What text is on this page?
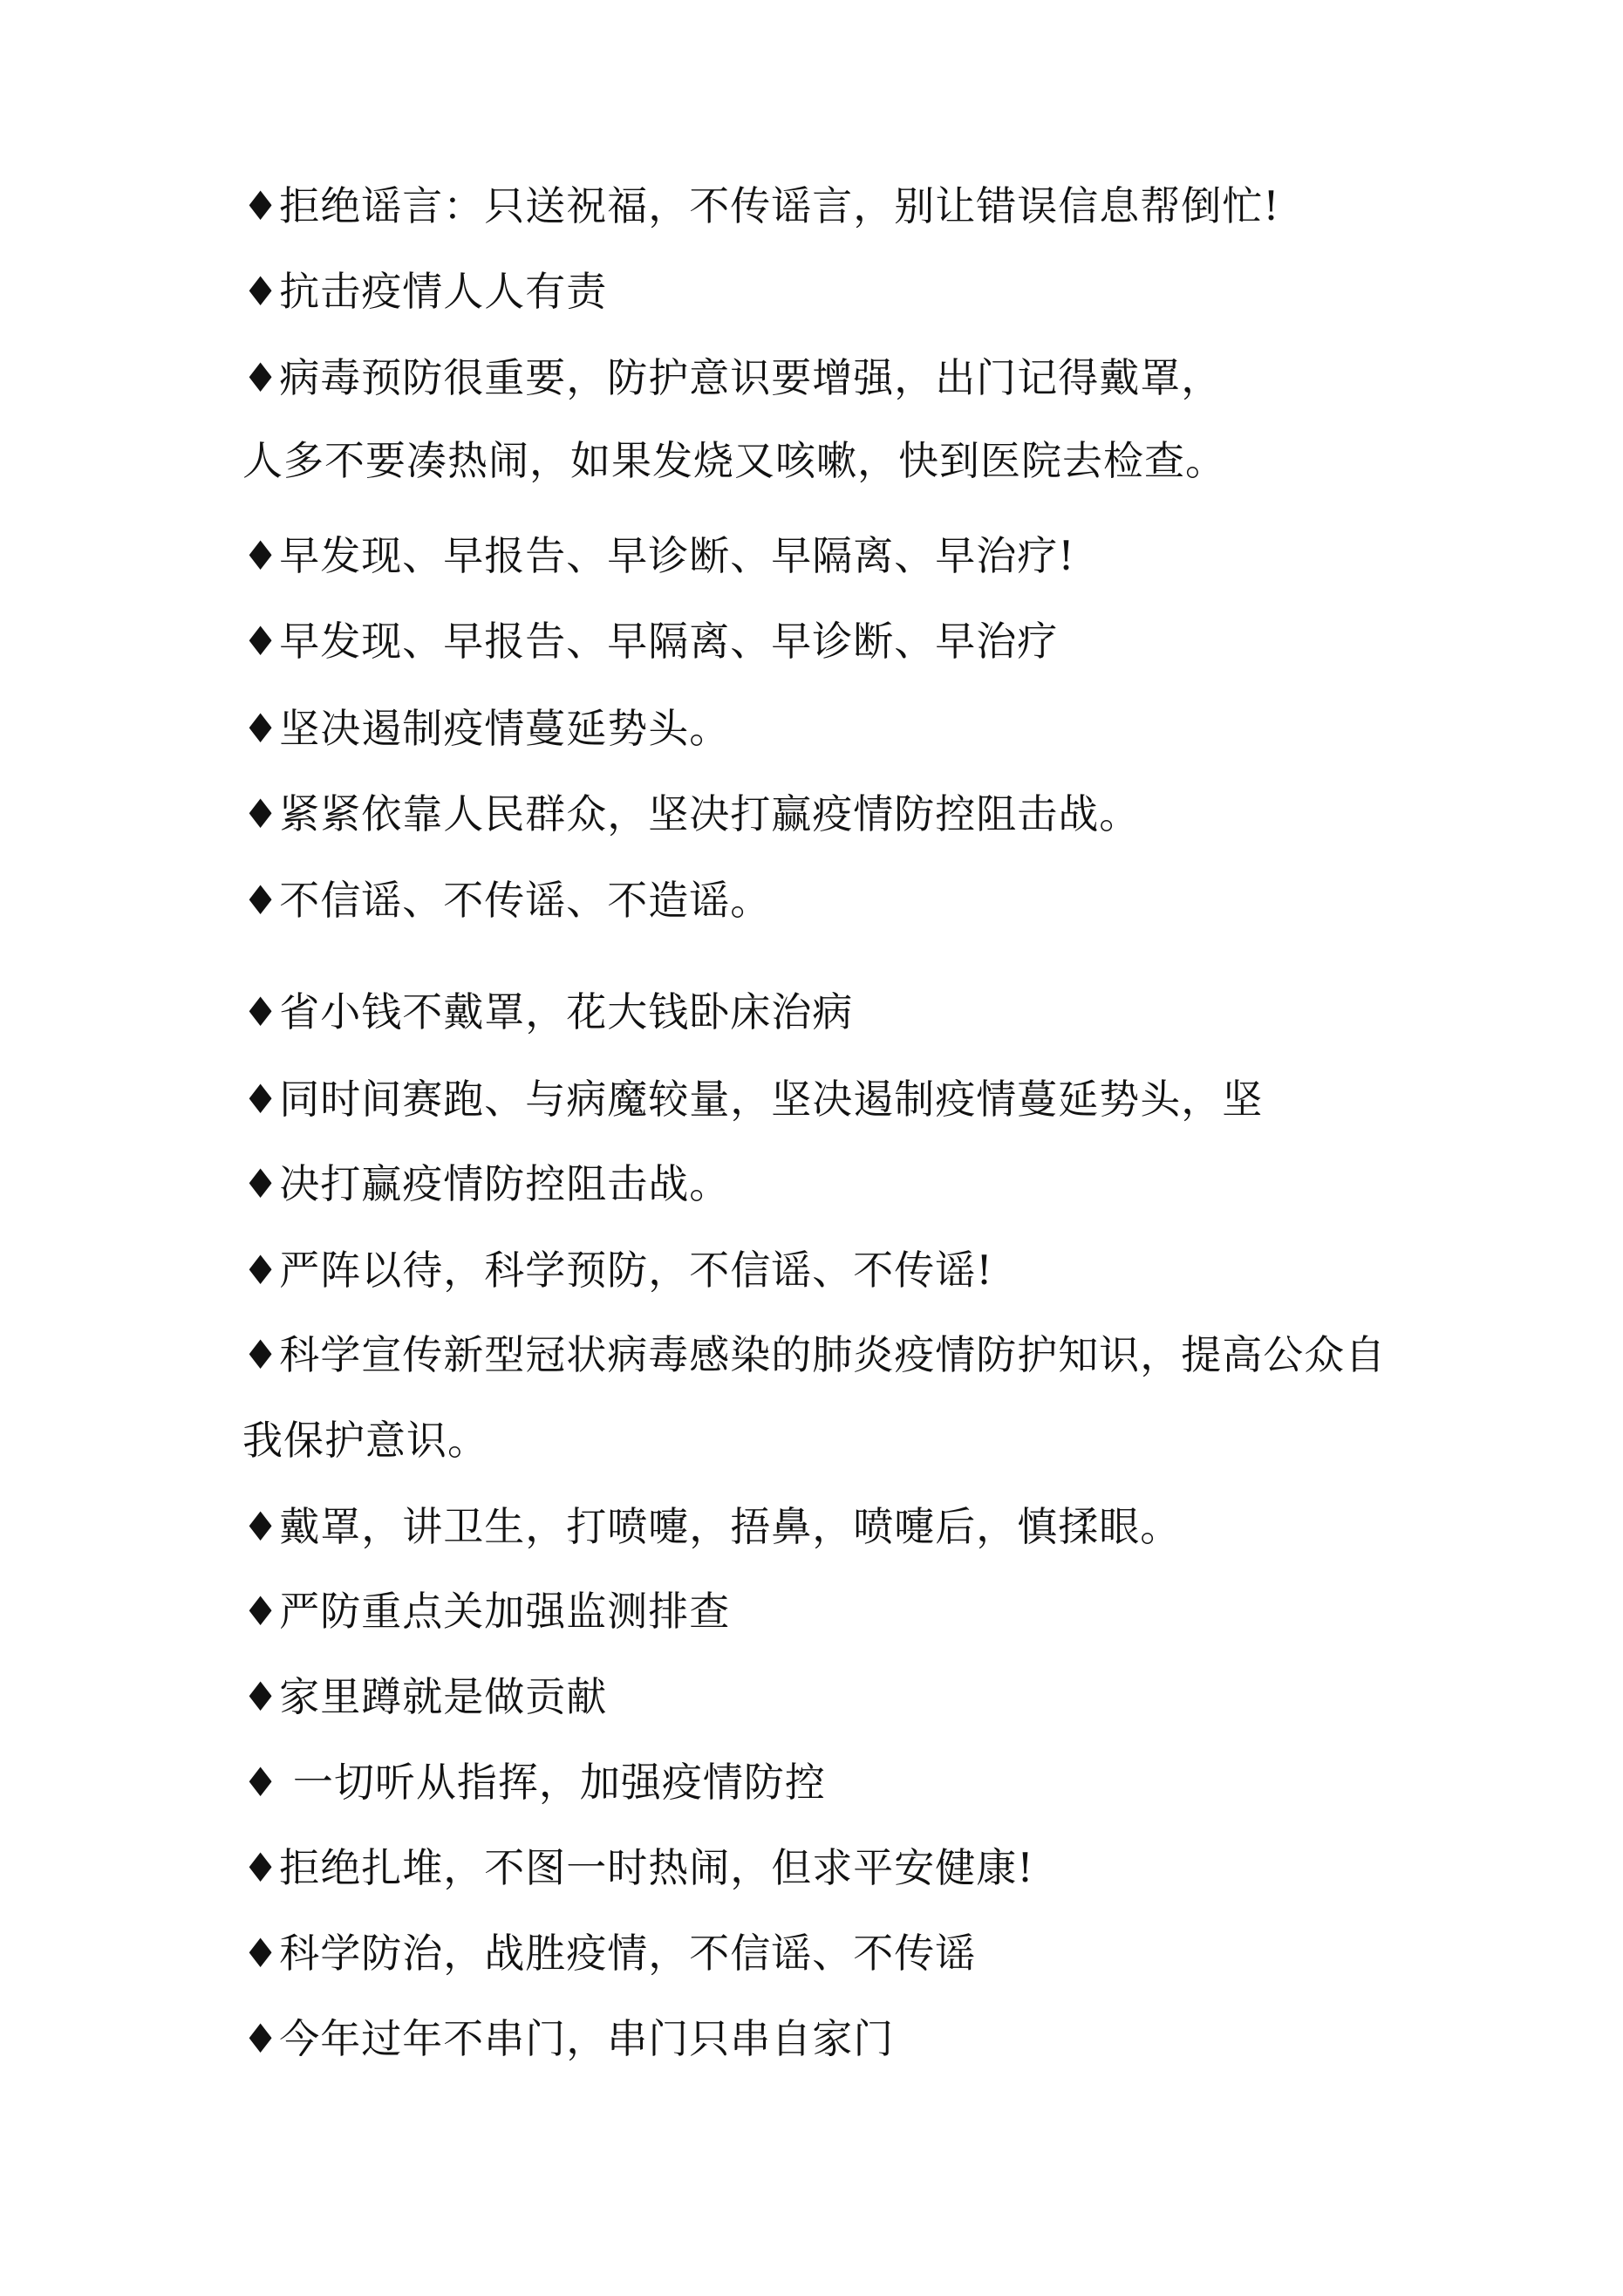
♦拒绝谣言：只送祝福，不传谣言，别让错误信息帮倒忙!

♦抗击疫情人人有责

♦病毒预防很重要，防护意识要增强，出门记得戴罩，

人多不要凑热闹，如果发烧又咳嗽，快到医院去检查。

♦早发现、早报告、早诊断、早隔离、早治疗!

♦早发现、早报告、早隔离、早诊断、早治疗

♦坚决遏制疫情蔓延势头。

♦紧紧依靠人民群众，坚决打赢疫情防控阻击战。

♦不信谣、不传谣、不造谣。

♦省小钱不戴罩，花大钱卧床治病

♦同时间赛跑、与病魔较量，坚决遏制疫情蔓延势头，坚

♦决打赢疫情防控阻击战。

♦严阵以待，科学预防，不信谣、不传谣!

♦科学宣传新型冠状病毒感染的肺炎疫情防护知识，提高公众自

我保护意识。

♦戴罩，讲卫生，打喷嚏，捂鼻，喷嚏后，慎揉眼。

♦严防重点关加强监测排查

♦家里蹲就是做贡献

♦ 一切听从指挥，加强疫情防控

♦拒绝扎堆，不图一时热闹，但求平安健康!

♦科学防治，战胜疫情，不信谣、不传谣

♦今年过年不串门，串门只串自家门
